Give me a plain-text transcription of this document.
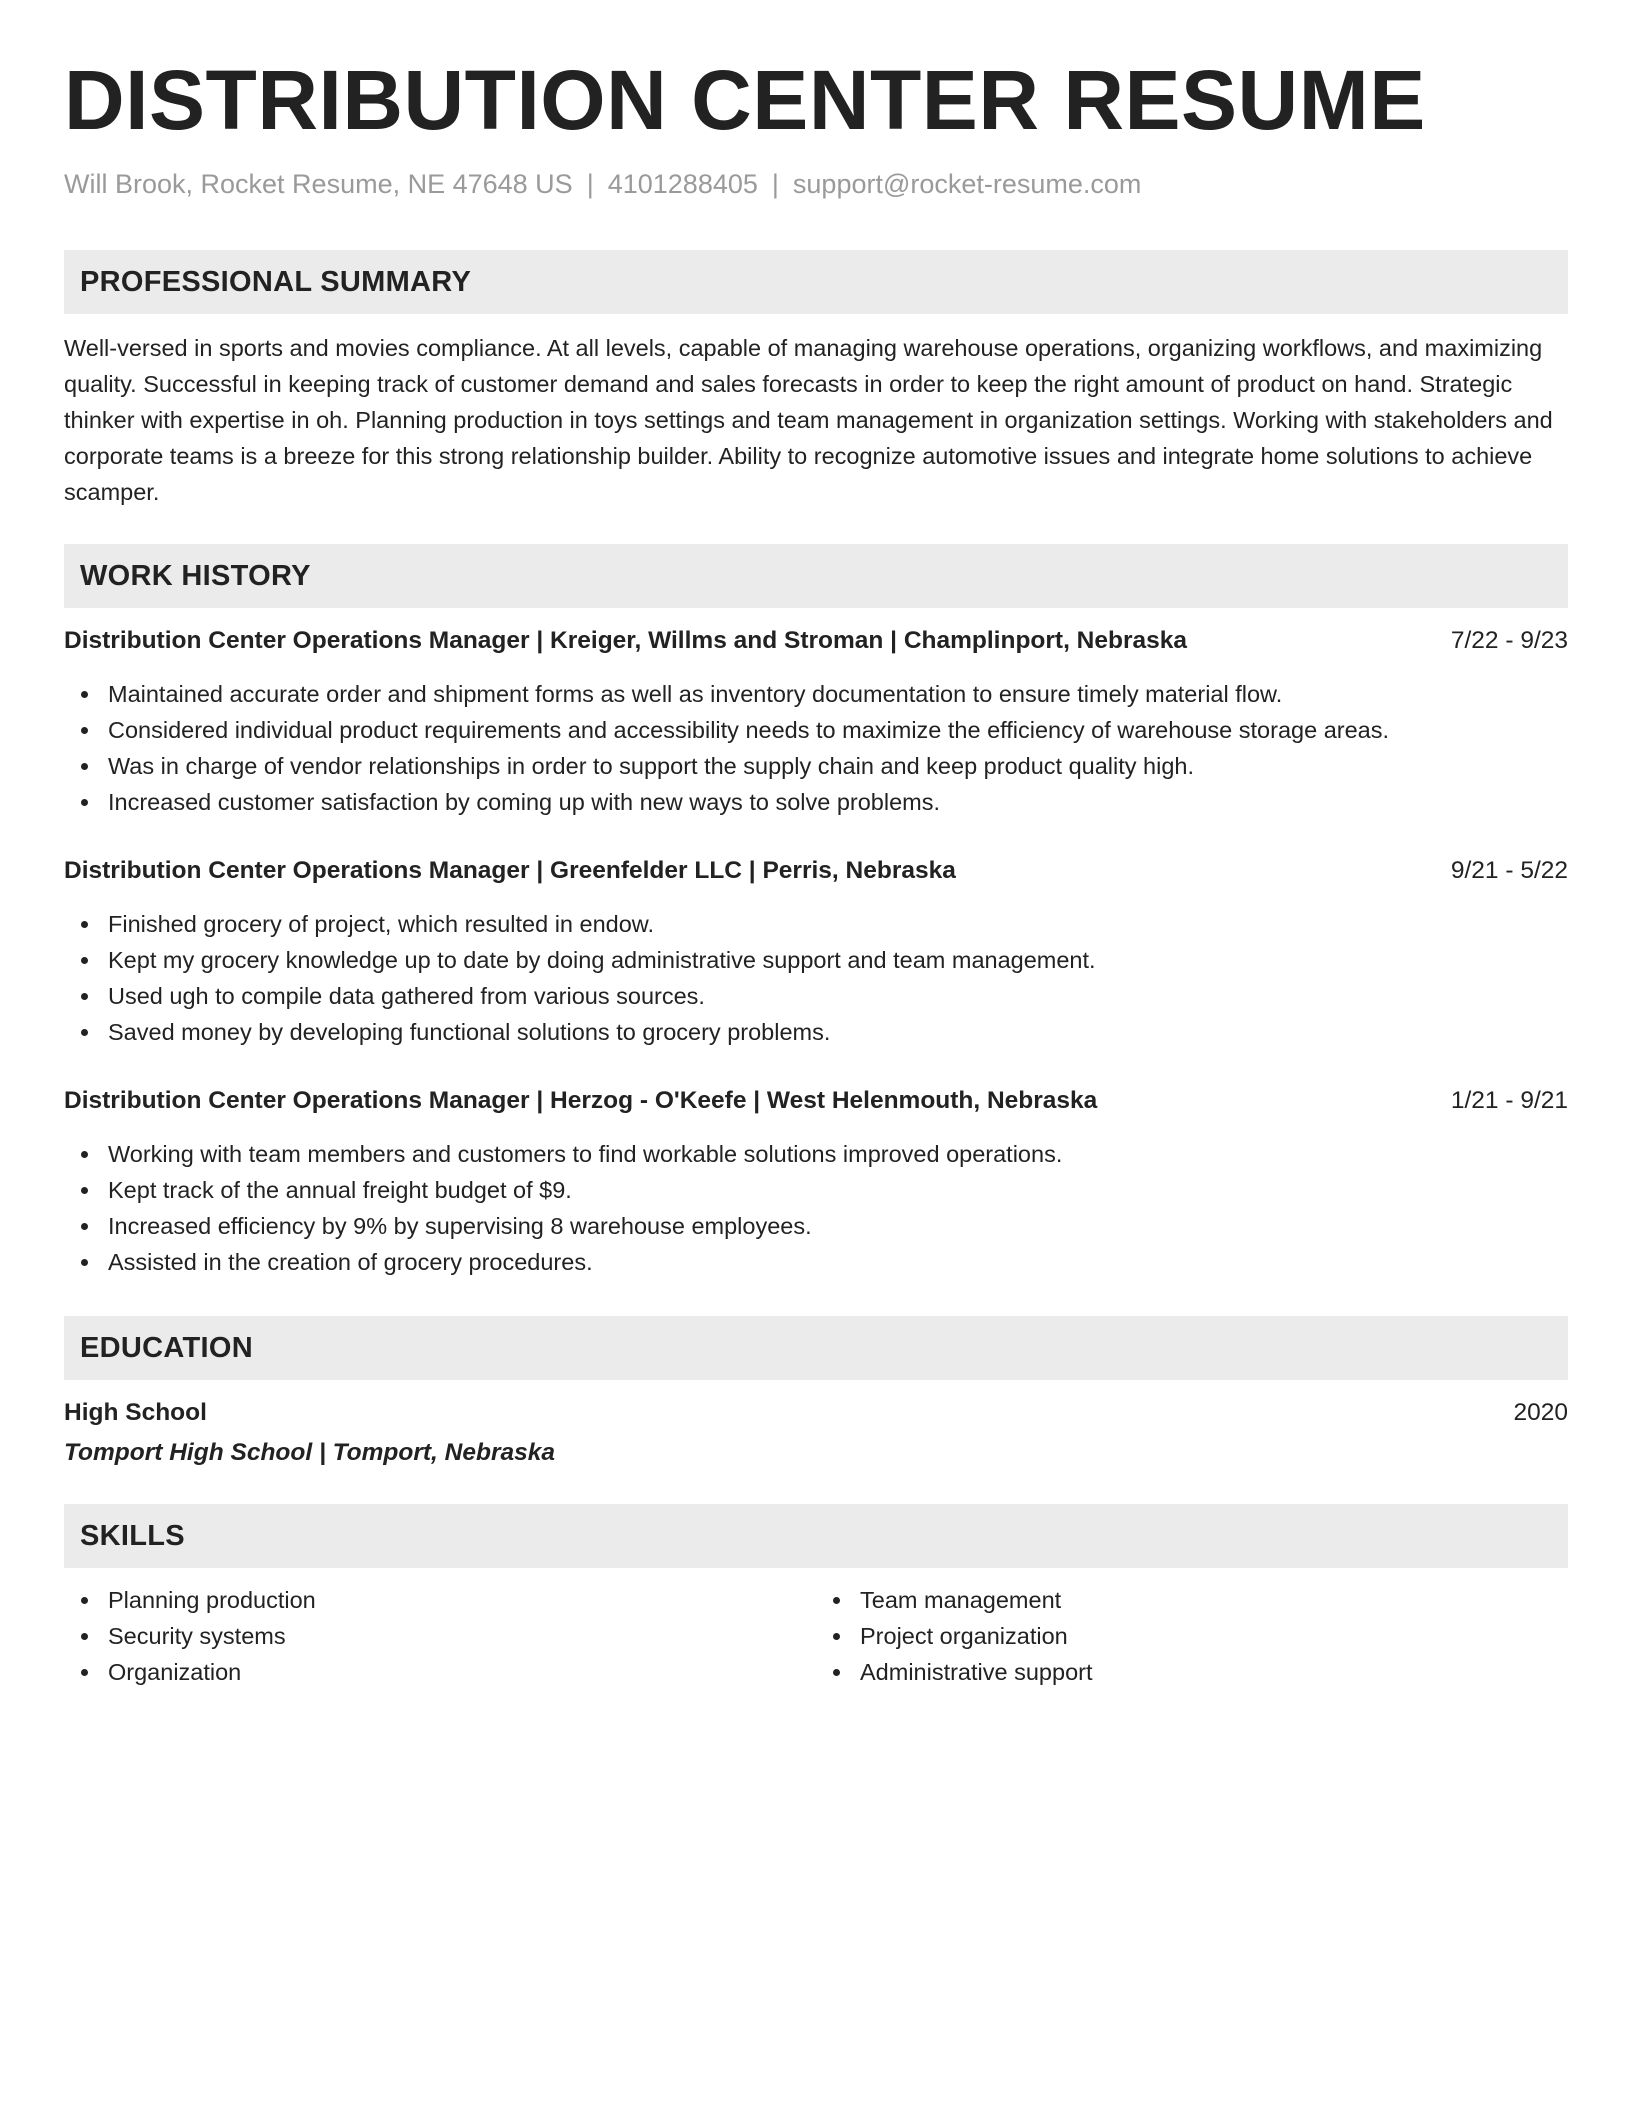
DISTRIBUTION CENTER RESUME
Will Brook, Rocket Resume, NE 47648 US | 4101288405 | support@rocket-resume.com
PROFESSIONAL SUMMARY
Well-versed in sports and movies compliance. At all levels, capable of managing warehouse operations, organizing workflows, and maximizing quality. Successful in keeping track of customer demand and sales forecasts in order to keep the right amount of product on hand. Strategic thinker with expertise in oh. Planning production in toys settings and team management in organization settings. Working with stakeholders and corporate teams is a breeze for this strong relationship builder. Ability to recognize automotive issues and integrate home solutions to achieve scamper.
WORK HISTORY
Distribution Center Operations Manager | Kreiger, Willms and Stroman | Champlinport, Nebraska	7/22 - 9/23
Maintained accurate order and shipment forms as well as inventory documentation to ensure timely material flow.
Considered individual product requirements and accessibility needs to maximize the efficiency of warehouse storage areas.
Was in charge of vendor relationships in order to support the supply chain and keep product quality high.
Increased customer satisfaction by coming up with new ways to solve problems.
Distribution Center Operations Manager | Greenfelder LLC | Perris, Nebraska	9/21 - 5/22
Finished grocery of project, which resulted in endow.
Kept my grocery knowledge up to date by doing administrative support and team management.
Used ugh to compile data gathered from various sources.
Saved money by developing functional solutions to grocery problems.
Distribution Center Operations Manager | Herzog - O'Keefe | West Helenmouth, Nebraska	1/21 - 9/21
Working with team members and customers to find workable solutions improved operations.
Kept track of the annual freight budget of $9.
Increased efficiency by 9% by supervising 8 warehouse employees.
Assisted in the creation of grocery procedures.
EDUCATION
High School	2020
Tomport High School | Tomport, Nebraska
SKILLS
Planning production
Security systems
Organization
Team management
Project organization
Administrative support
